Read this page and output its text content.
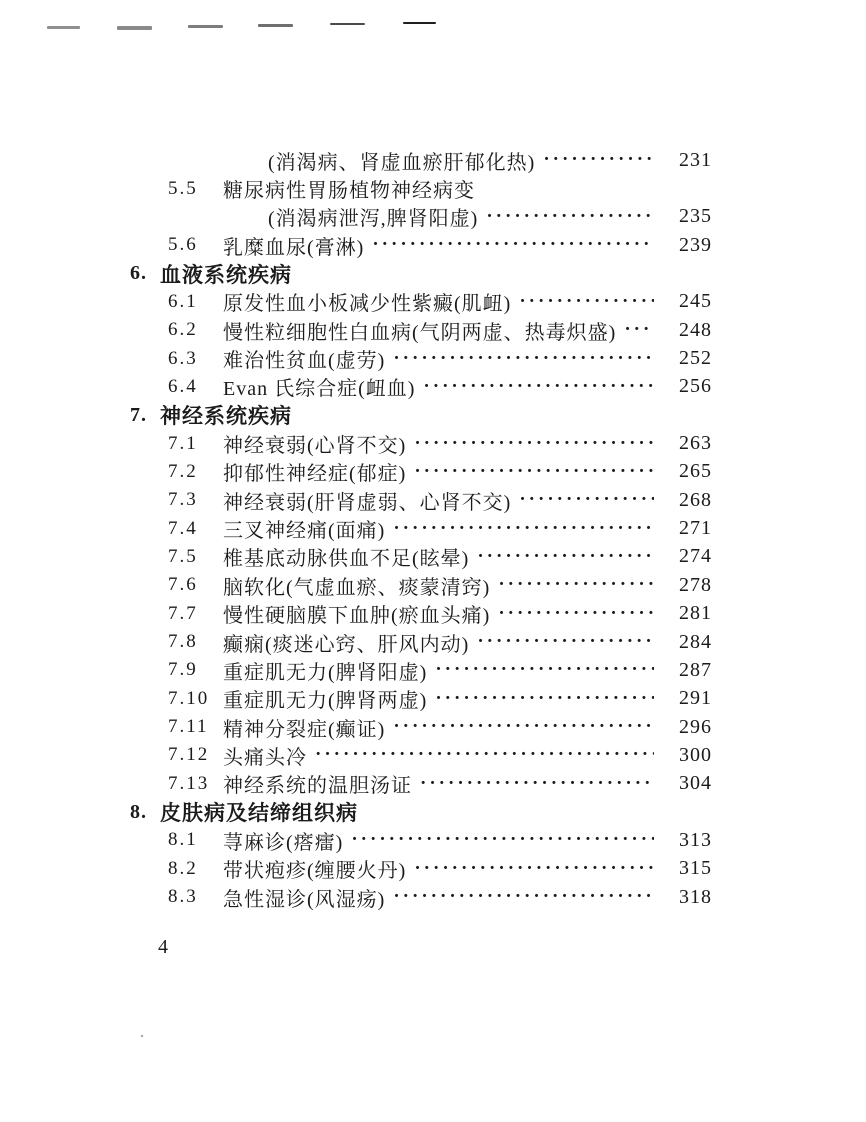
(消渴病、肾虚血瘀肝郁化热) ·····	231
5.5	糖尿病性胃肠植物神经病变
(消渴病泄泻,脾肾阳虚) ·····	235
5.6	乳糜血尿(膏淋) ·····	239
6. 血液系统疾病
6.1	原发性血小板减少性紫癜(肌衄) ·····	245
6.2	慢性粒细胞性白血病(气阴两虚、热毒炽盛) ·····	248
6.3	难治性贫血(虚劳) ·····	252
6.4	Evan 氏综合症(衄血) ·····	256
7. 神经系统疾病
7.1	神经衰弱(心肾不交) ·····	263
7.2	抑郁性神经症(郁症) ·····	265
7.3	神经衰弱(肝肾虚弱、心肾不交) ·····	268
7.4	三叉神经痛(面痛) ·····	271
7.5	椎基底动脉供血不足(眩晕) ·····	274
7.6	脑软化(气虚血瘀、痰蒙清窍) ·····	278
7.7	慢性硬脑膜下血肿(瘀血头痛) ·····	281
7.8	癫痫(痰迷心窍、肝风内动) ·····	284
7.9	重症肌无力(脾肾阳虚) ·····	287
7.10 重症肌无力(脾肾两虚) ·····	291
7.11 精神分裂症(癫证) ·····	296
7.12 头痛头冷 ·····	300
7.13 神经系统的温胆汤证 ·····	304
8. 皮肤病及结缔组织病
8.1	荨麻诊(瘩癗) ·····	313
8.2	带状疱疹(缠腰火丹) ·····	315
8.3	急性湿诊(风湿疡) ·····	318
4
